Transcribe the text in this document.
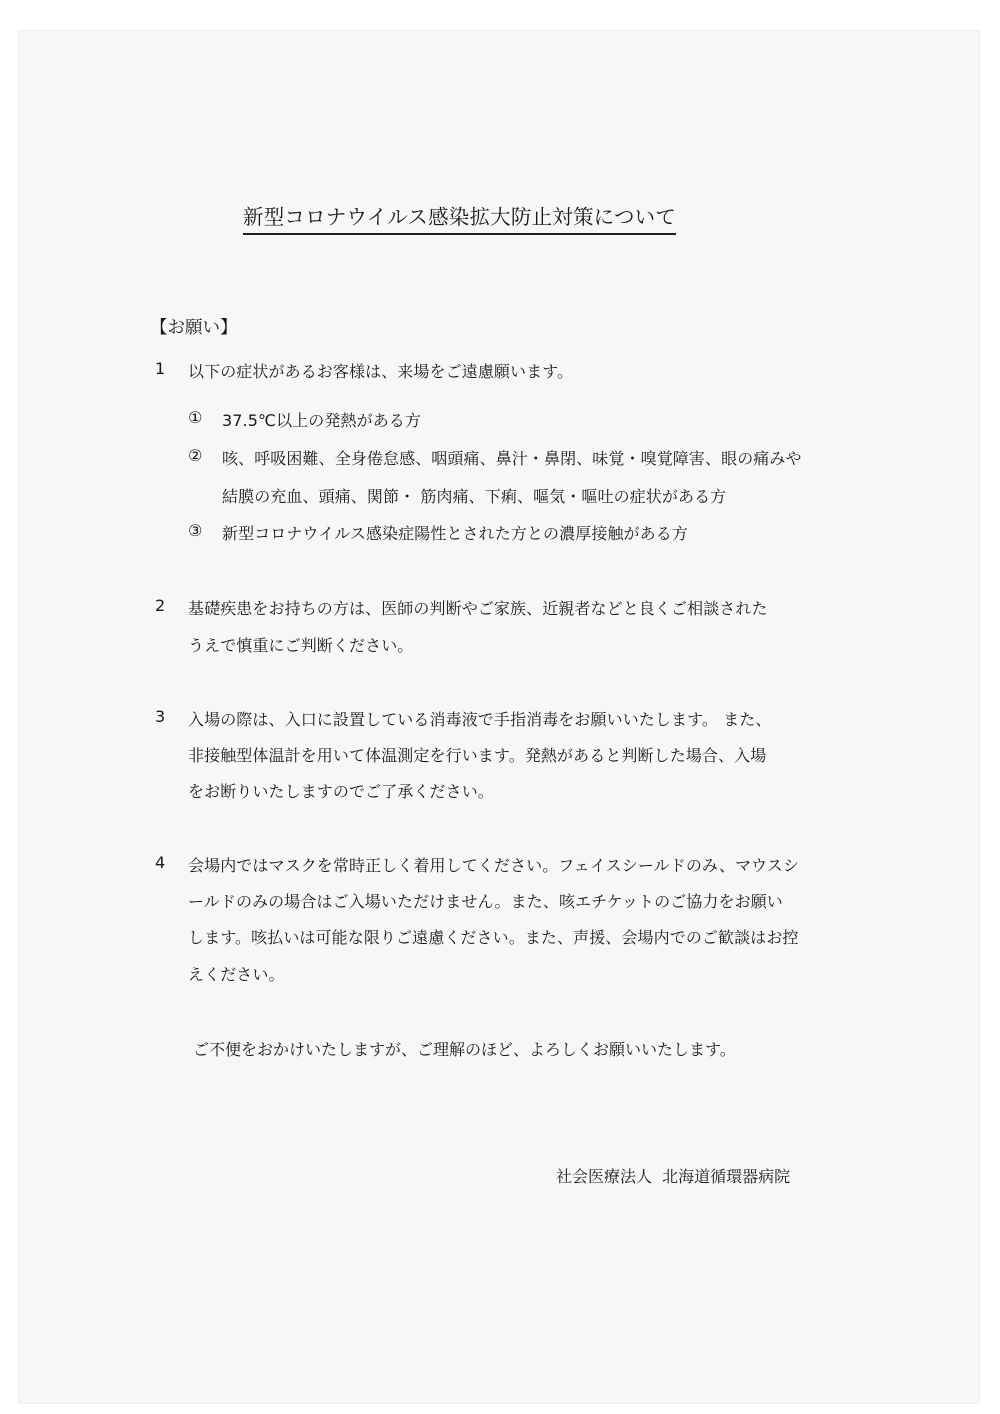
新型コロナウイルス感染拡大防止対策について
【お願い】
1 以下の症状があるお客様は、来場をご遠慮願います。
① 37.5℃以上の発熱がある方
② 咳、呼吸困難、全身倦怠感、咽頭痛、鼻汁・鼻閉、味覚・嗅覚障害、眼の痛みや
結膜の充血、頭痛、関節・ 筋肉痛、下痢、嘔気・嘔吐の症状がある方
③ 新型コロナウイルス感染症陽性とされた方との濃厚接触がある方
2 基礎疾患をお持ちの方は、医師の判断やご家族、近親者などと良くご相談された
うえで慎重にご判断ください。
3 入場の際は、入口に設置している消毒液で手指消毒をお願いいたします。 また、
非接触型体温計を用いて体温測定を行います。発熱があると判断した場合、入場
をお断りいたしますのでご了承ください。
4 会場内ではマスクを常時正しく着用してください。フェイスシールドのみ、マウスシ
ールドのみの場合はご入場いただけません。また、咳エチケットのご協力をお願い
します。咳払いは可能な限りご遠慮ください。また、声援、会場内でのご歓談はお控
えください。
ご不便をおかけいたしますが、ご理解のほど、よろしくお願いいたします。
社会医療法人  北海道循環器病院
